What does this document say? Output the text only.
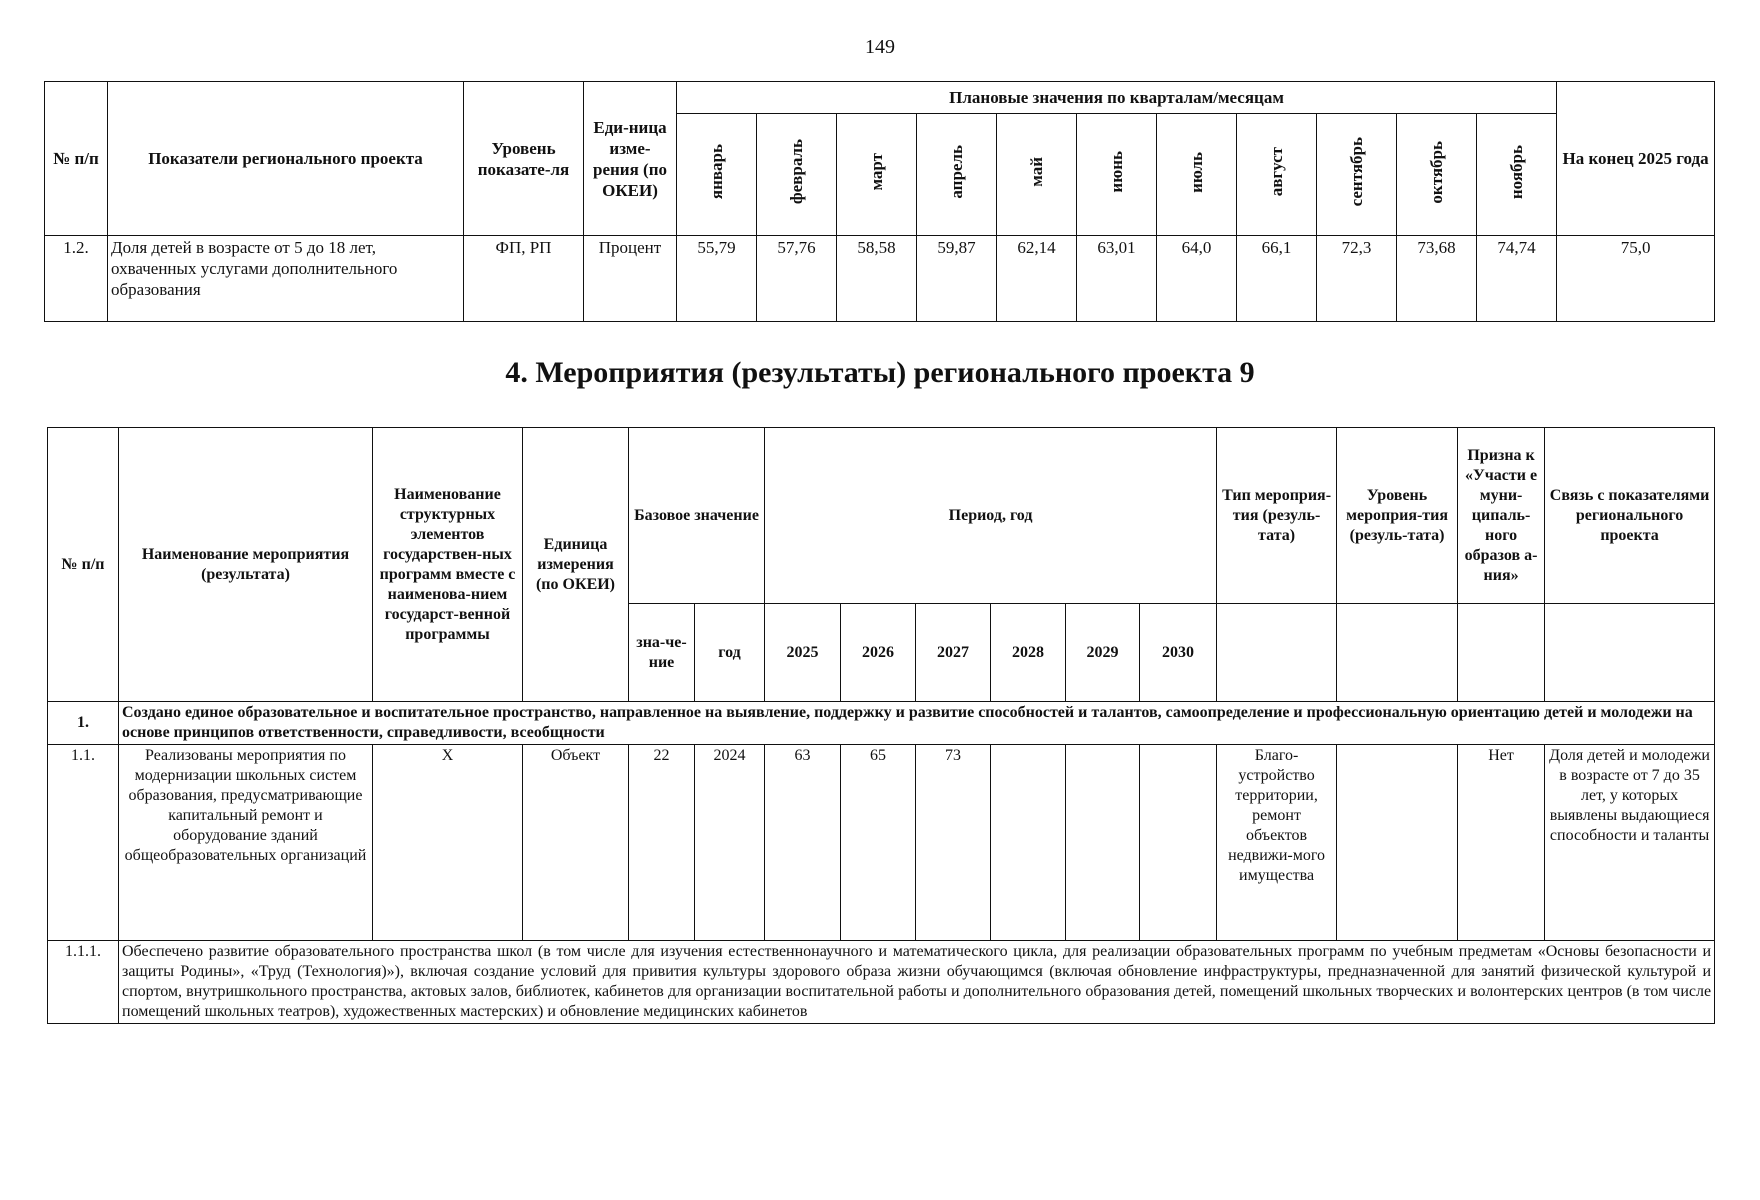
149
№ п/п	Показатели регионального проекта	Уровень показате-ля	Еди-ница изме-рения (по ОКЕИ)	Плановые значения по кварталам/месяцам											На конец 2025 года
				январь	февраль	март	апрель	май	июнь	июль	август	сентябрь	октябрь	ноябрь	
1.2.	Доля детей в возрасте от 5 до 18 лет, охваченных услугами дополнительного образования	ФП, РП	Процент	55,79	57,76	58,58	59,87	62,14	63,01	64,0	66,1	72,3	73,68	74,74	75,0
4. Мероприятия (результаты) регионального проекта 9
№ п/п	Наименование мероприятия (результата)	Наименование структурных элементов государствен-ных программ вместе с наименова-нием государст-венной программы	Единица измерения (по ОКЕИ)	Базовое значение		Период, год						Тип мероприя-тия (резуль-тата)	Уровень мероприя-тия (резуль-тата)	Призна к «Участи е муни-ципаль-ного образов а-ния»	Связь с показателями регионального проекта
				зна-че-ние	год	2025	2026	2027	2028	2029	2030				
1.	Создано единое образовательное и воспитательное пространство, направленное на выявление, поддержку и развитие способностей и талантов, самоопределение и профессиональную ориентацию детей и молодежи на основе принципов ответственности, справедливости, всеобщности														
1.1.	Реализованы мероприятия по модернизации школьных систем образования, предусматривающие капитальный ремонт и оборудование зданий общеобразовательных организаций	X	Объект	22	2024	63	65	73				Благо-устройство территории, ремонт объектов недвижи-мого имущества		Нет	Доля детей и молодежи в возрасте от 7 до 35 лет, у которых выявлены выдающиеся способности и таланты
1.1.1.	Обеспечено развитие образовательного пространства школ (в том числе для изучения естественнонаучного и математического цикла, для реализации образовательных программ по учебным предметам «Основы безопасности и защиты Родины», «Труд (Технология)»), включая создание условий для привития культуры здорового образа жизни обучающимся (включая обновление инфраструктуры, предназначенной для занятий физической культурой и спортом, внутришкольного пространства, актовых залов, библиотек, кабинетов для организации воспитательной работы и дополнительного образования детей, помещений школьных творческих и волонтерских центров (в том числе помещений школьных театров), художественных мастерских) и обновление медицинских кабинетов														
